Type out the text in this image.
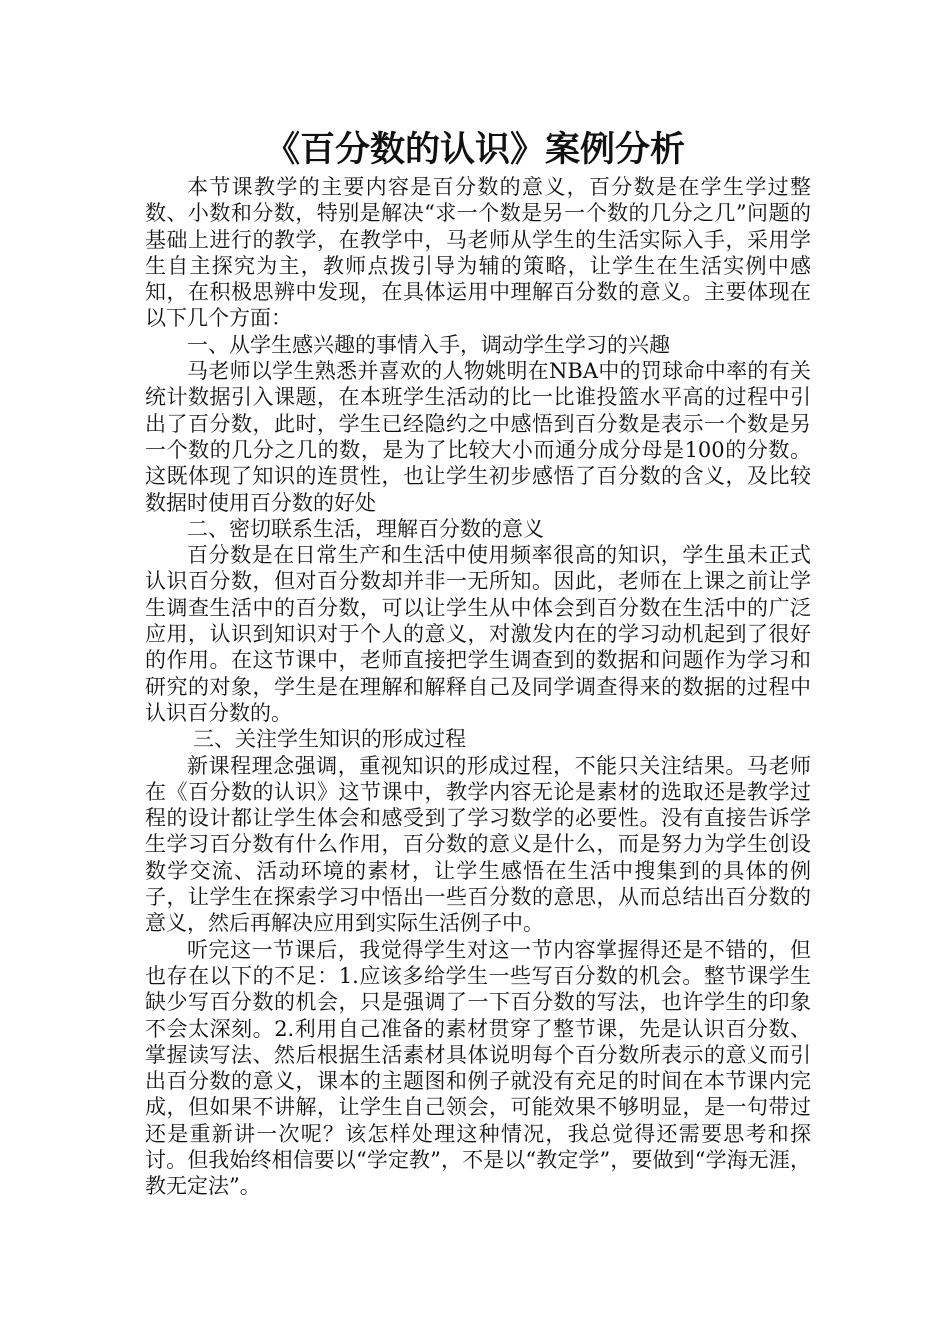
《百分数的认识》案例分析

本节课教学的主要内容是百分数的意义，百分数是在学生学过整数、小数和分数，特别是解决“求一个数是另一个数的几分之几”问题的基础上进行的教学，在教学中，马老师从学生的生活实际入手，采用学生自主探究为主，教师点拨引导为辅的策略，让学生在生活实例中感知，在积极思辨中发现，在具体运用中理解百分数的意义。主要体现在以下几个方面：

一、从学生感兴趣的事情入手，调动学生学习的兴趣

马老师以学生熟悉并喜欢的人物姚明在NBA中的罚球命中率的有关统计数据引入课题，在本班学生活动的比一比谁投篮水平高的过程中引出了百分数，此时，学生已经隐约之中感悟到百分数是表示一个数是另一个数的几分之几的数，是为了比较大小而通分成分母是100的分数。这既体现了知识的连贯性，也让学生初步感悟了百分数的含义，及比较数据时使用百分数的好处

二、密切联系生活，理解百分数的意义

百分数是在日常生产和生活中使用频率很高的知识，学生虽未正式认识百分数，但对百分数却并非一无所知。因此，老师在上课之前让学生调查生活中的百分数，可以让学生从中体会到百分数在生活中的广泛应用，认识到知识对于个人的意义，对激发内在的学习动机起到了很好的作用。在这节课中，老师直接把学生调查到的数据和问题作为学习和研究的对象，学生是在理解和解释自己及同学调查得来的数据的过程中认识百分数的。

三、关注学生知识的形成过程

新课程理念强调，重视知识的形成过程，不能只关注结果。马老师在《百分数的认识》这节课中，教学内容无论是素材的选取还是教学过程的设计都让学生体会和感受到了学习数学的必要性。没有直接告诉学生学习百分数有什么作用，百分数的意义是什么，而是努力为学生创设数学交流、活动环境的素材，让学生感悟在生活中搜集到的具体的例子，让学生在探索学习中悟出一些百分数的意思，从而总结出百分数的意义，然后再解决应用到实际生活例子中。

听完这一节课后，我觉得学生对这一节内容掌握得还是不错的，但也存在以下的不足：1.应该多给学生一些写百分数的机会。整节课学生缺少写百分数的机会，只是强调了一下百分数的写法，也许学生的印象不会太深刻。2.利用自己准备的素材贯穿了整节课，先是认识百分数、掌握读写法、然后根据生活素材具体说明每个百分数所表示的意义而引出百分数的意义，课本的主题图和例子就没有充足的时间在本节课内完成，但如果不讲解，让学生自己领会，可能效果不够明显，是一句带过还是重新讲一次呢？该怎样处理这种情况，我总觉得还需要思考和探讨。但我始终相信要以“学定教”，不是以“教定学”，要做到“学海无涯，教无定法”。
